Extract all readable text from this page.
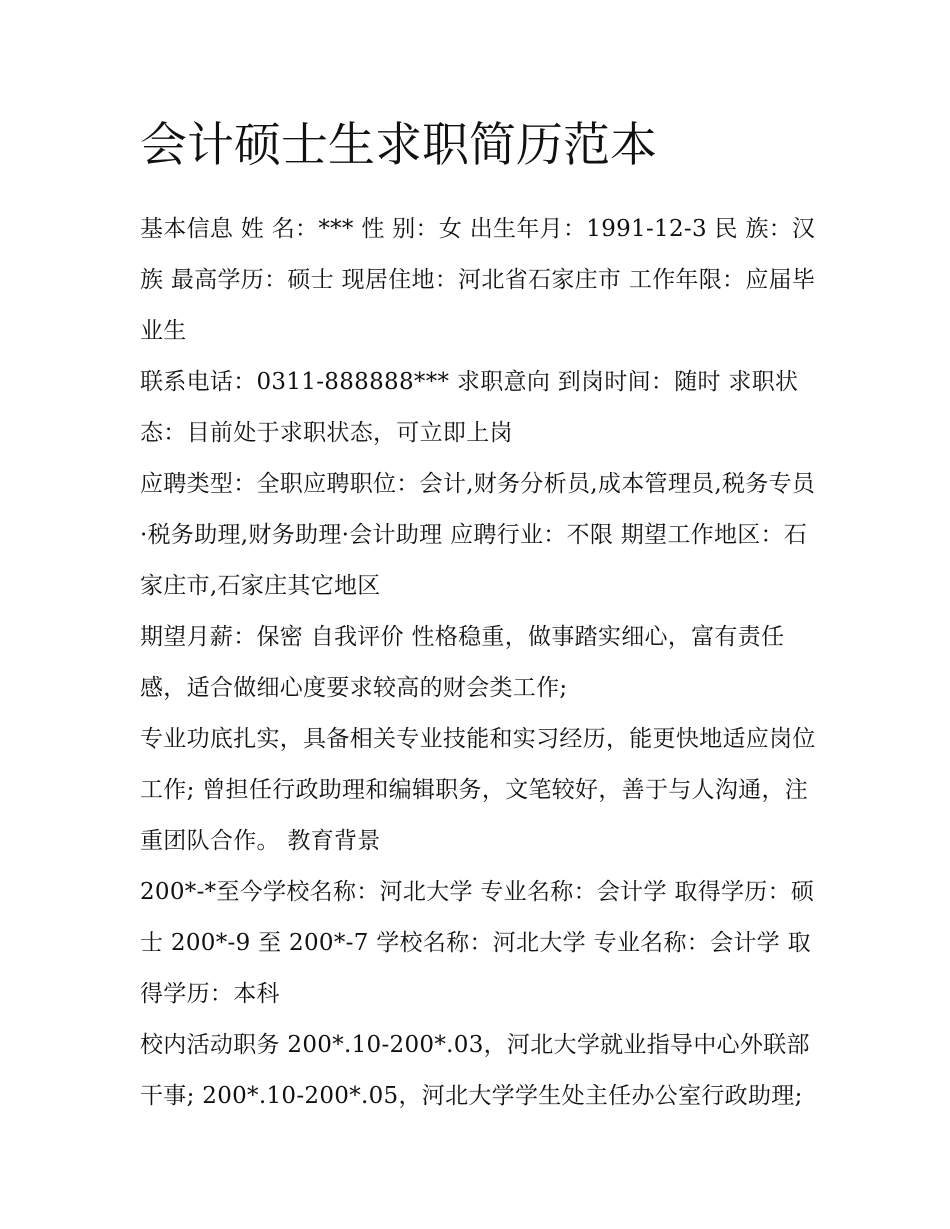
会计硕士生求职简历范本

基本信息 姓 名：*** 性 别：女 出生年月：1991-12-3 民 族：汉族 最高学历：硕士 现居住地：河北省石家庄市 工作年限：应届毕业生

联系电话：0311-888888*** 求职意向 到岗时间：随时 求职状态：目前处于求职状态，可立即上岗

应聘类型：全职应聘职位：会计,财务分析员,成本管理员,税务专员·税务助理,财务助理·会计助理 应聘行业：不限 期望工作地区：石家庄市,石家庄其它地区

期望月薪：保密 自我评价 性格稳重，做事踏实细心，富有责任感，适合做细心度要求较高的财会类工作;

专业功底扎实，具备相关专业技能和实习经历，能更快地适应岗位工作; 曾担任行政助理和编辑职务，文笔较好，善于与人沟通，注重团队合作。 教育背景

200*-*至今学校名称：河北大学 专业名称：会计学 取得学历：硕士 200*-9 至 200*-7 学校名称：河北大学 专业名称：会计学 取得学历：本科

校内活动职务 200*.10-200*.03，河北大学就业指导中心外联部干事; 200*.10-200*.05，河北大学学生处主任办公室行政助理;
